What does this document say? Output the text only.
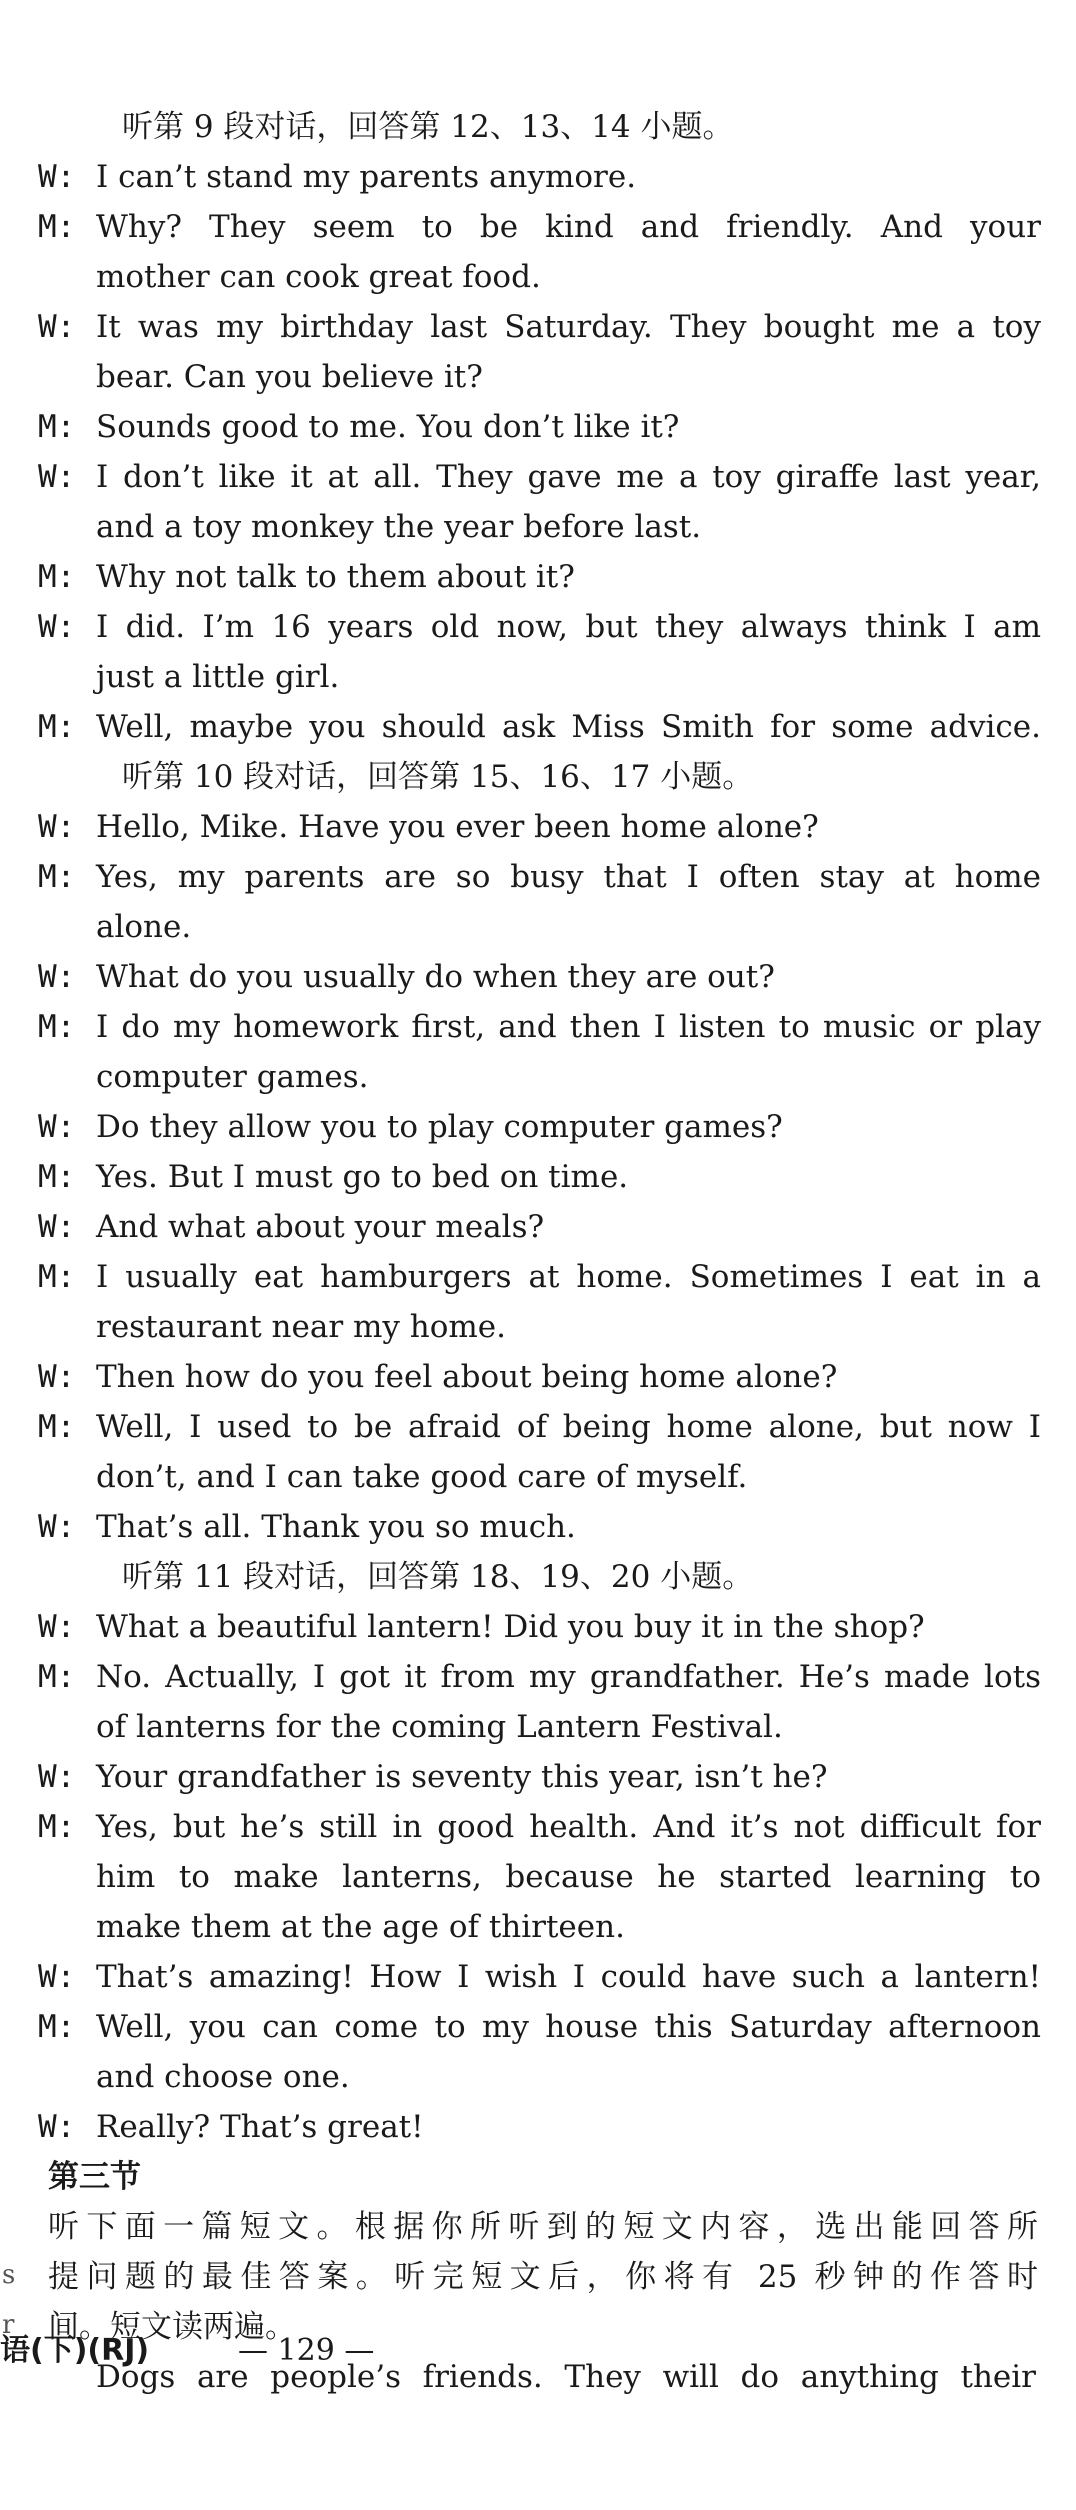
听第 9 段对话，回答第 12、13、14 小题。
W: I can’t stand my parents anymore.
M: Why? They seem to be kind and friendly. And your
mother can cook great food.
W: It was my birthday last Saturday. They bought me a toy
bear. Can you believe it?
M: Sounds good to me. You don’t like it?
W: I don’t like it at all. They gave me a toy giraffe last year,
and a toy monkey the year before last.
M: Why not talk to them about it?
W: I did. I’m 16 years old now, but they always think I am
just a little girl.
M: Well, maybe you should ask Miss Smith for some advice.
听第 10 段对话，回答第 15、16、17 小题。
W: Hello, Mike. Have you ever been home alone?
M: Yes, my parents are so busy that I often stay at home
alone.
W: What do you usually do when they are out?
M: I do my homework first, and then I listen to music or play
computer games.
W: Do they allow you to play computer games?
M: Yes. But I must go to bed on time.
W: And what about your meals?
M: I usually eat hamburgers at home. Sometimes I eat in a
restaurant near my home.
W: Then how do you feel about being home alone?
M: Well, I used to be afraid of being home alone, but now I
don’t, and I can take good care of myself.
W: That’s all. Thank you so much.
听第 11 段对话，回答第 18、19、20 小题。
W: What a beautiful lantern! Did you buy it in the shop?
M: No. Actually, I got it from my grandfather. He’s made lots
of lanterns for the coming Lantern Festival.
W: Your grandfather is seventy this year, isn’t he?
M: Yes, but he’s still in good health. And it’s not difficult for
him to make lanterns, because he started learning to
make them at the age of thirteen.
W: That’s amazing! How I wish I could have such a lantern!
M: Well, you can come to my house this Saturday afternoon
and choose one.
W: Really? That’s great!
第三节
听下面一篇短文。根据你所听到的短文内容，选出能回答所
提问题的最佳答案。听完短文后，你将有 25 秒钟的作答时
间。短文读两遍。
Dogs are people’s friends. They will do anything their
s
r
语(下)(RJ)	— 129 —
